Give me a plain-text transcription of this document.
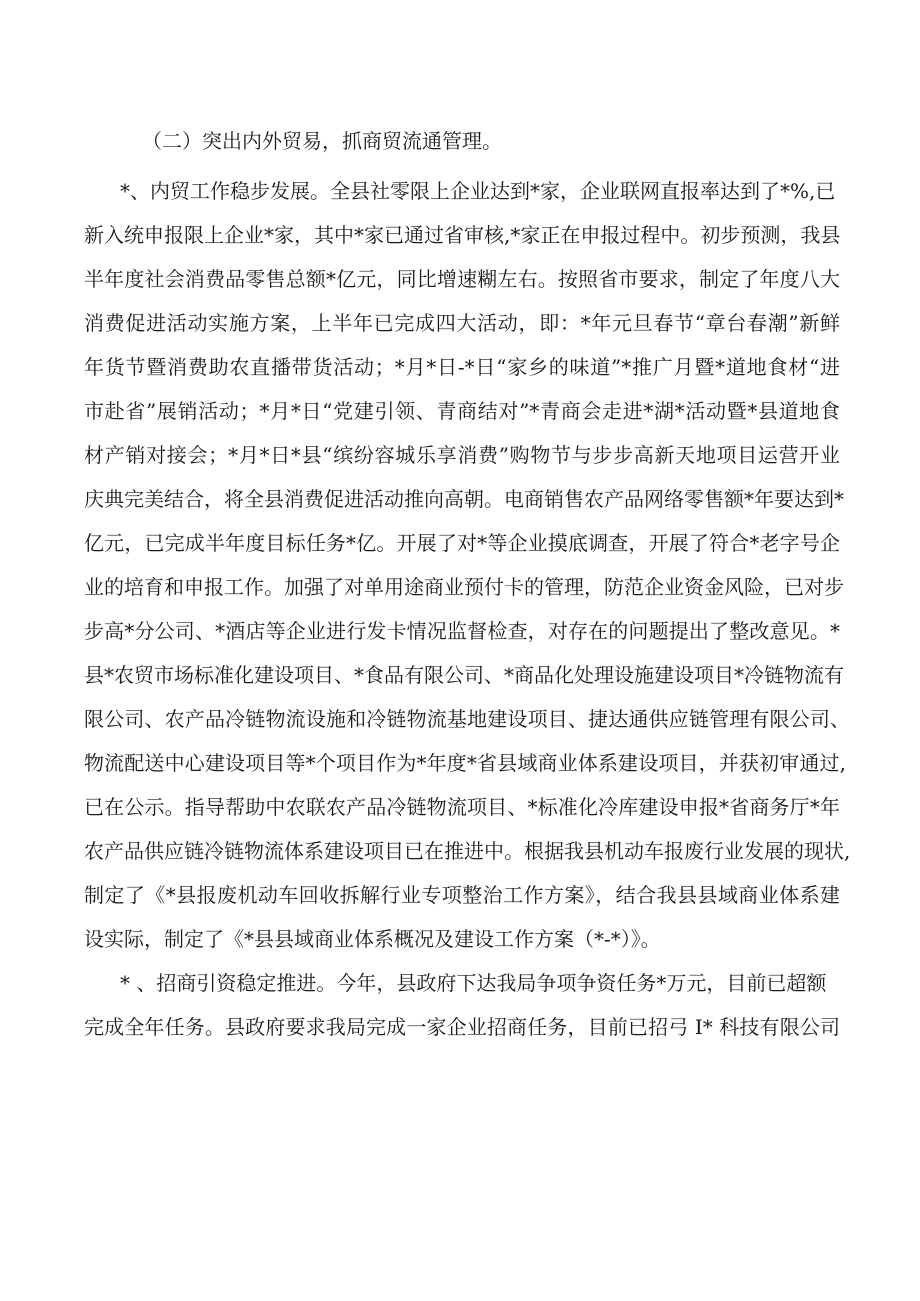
（二）突出内外贸易，抓商贸流通管理。
*、内贸工作稳步发展。全县社零限上企业达到*家，企业联网直报率达到了*%,已
新入统申报限上企业*家，其中*家已通过省审核,*家正在申报过程中。初步预测，我县
半年度社会消费品零售总额*亿元，同比增速糊左右。按照省市要求，制定了年度八大
消费促进活动实施方案，上半年已完成四大活动，即：*年元旦春节“章台春潮”新鲜
年货节暨消费助农直播带货活动；*月*日-*日“家乡的味道”*推广月暨*道地食材“进
市赴省”展销活动；*月*日“党建引领、青商结对”*青商会走进*湖*活动暨*县道地食
材产销对接会；*月*日*县“缤纷容城乐享消费”购物节与步步高新天地项目运营开业
庆典完美结合，将全县消费促进活动推向高朝。电商销售农产品网络零售额*年要达到*
亿元，已完成半年度目标任务*亿。开展了对*等企业摸底调查，开展了符合*老字号企
业的培育和申报工作。加强了对单用途商业预付卡的管理，防范企业资金风险，已对步
步高*分公司、*酒店等企业进行发卡情况监督检查，对存在的问题提出了整改意见。*
县*农贸市场标准化建设项目、*食品有限公司、*商品化处理设施建设项目*冷链物流有
限公司、农产品冷链物流设施和冷链物流基地建设项目、捷达通供应链管理有限公司、
物流配送中心建设项目等*个项目作为*年度*省县域商业体系建设项目，并获初审通过,
已在公示。指导帮助中农联农产品冷链物流项目、*标准化冷库建设申报*省商务厅*年
农产品供应链冷链物流体系建设项目已在推进中。根据我县机动车报废行业发展的现状,
制定了《*县报废机动车回收拆解行业专项整治工作方案》，结合我县县域商业体系建
设实际，制定了《*县县域商业体系概况及建设工作方案（*-*）》。
* 、招商引资稳定推进。今年，县政府下达我局争项争资任务*万元，目前已超额
完成全年任务。县政府要求我局完成一家企业招商任务，目前已招弓 I* 科技有限公司
